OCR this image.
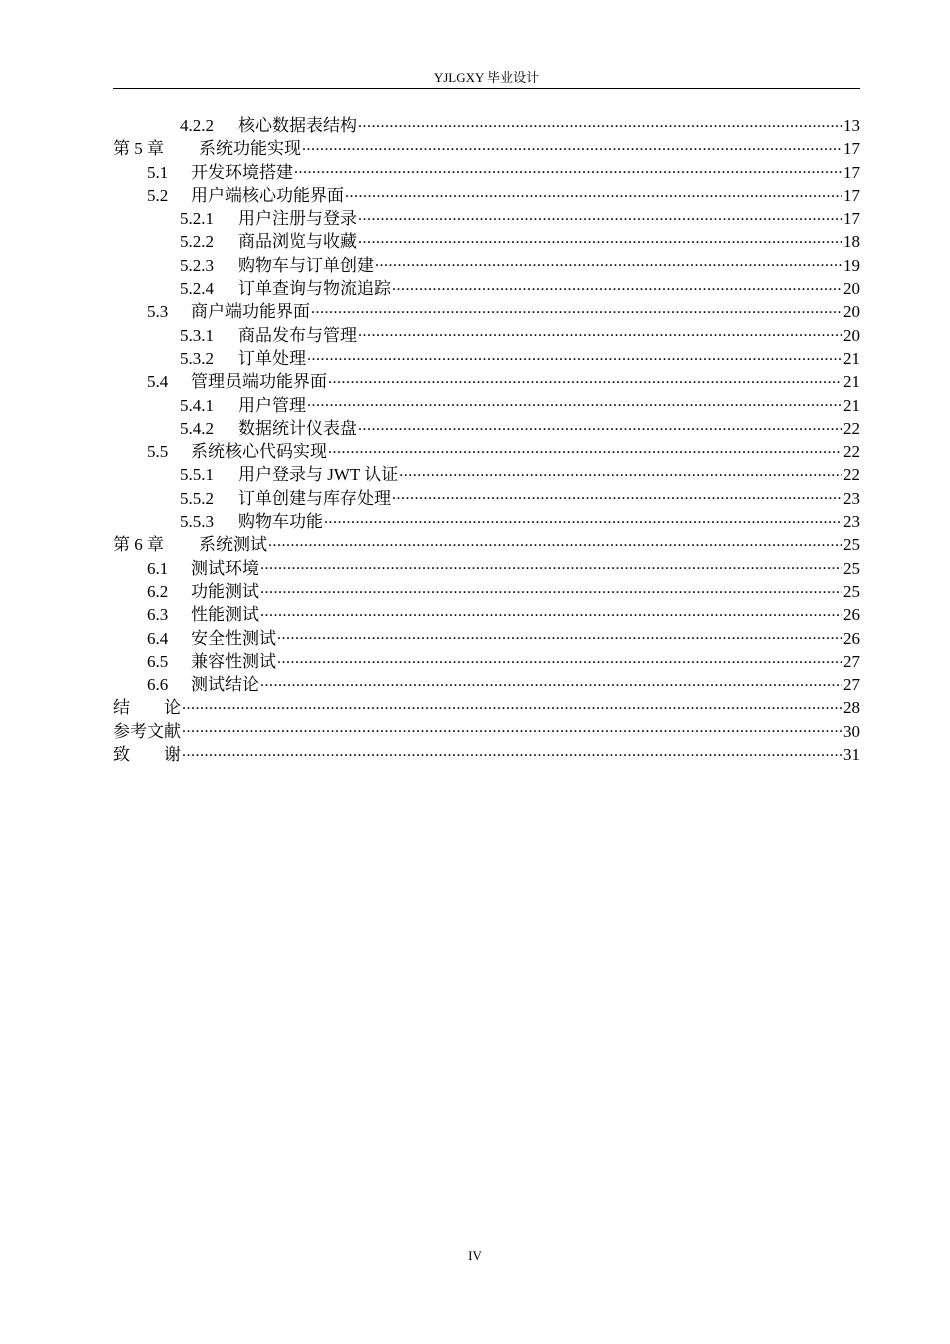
YJLGXY 毕业设计
4.2.2	核心数据表结构 .....	13
第 5 章	系统功能实现 .....	17
5.1	开发环境搭建 .....	17
5.2	用户端核心功能界面 .....	17
5.2.1	用户注册与登录 .....	17
5.2.2	商品浏览与收藏 .....	18
5.2.3	购物车与订单创建 .....	19
5.2.4	订单查询与物流追踪 .....	20
5.3	商户端功能界面 .....	20
5.3.1	商品发布与管理 .....	20
5.3.2	订单处理 .....	21
5.4	管理员端功能界面 .....	21
5.4.1	用户管理 .....	21
5.4.2	数据统计仪表盘 .....	22
5.5	系统核心代码实现 .....	22
5.5.1	用户登录与 JWT 认证 .....	22
5.5.2	订单创建与库存处理 .....	23
5.5.3	购物车功能 .....	23
第 6 章	系统测试 .....	25
6.1	测试环境 .....	25
6.2	功能测试 .....	25
6.3	性能测试 .....	26
6.4	安全性测试 .....	26
6.5	兼容性测试 .....	27
6.6	测试结论 .....	27
结　　论 .....	28
参考文献 .....	30
致　　谢 .....	31
IV
